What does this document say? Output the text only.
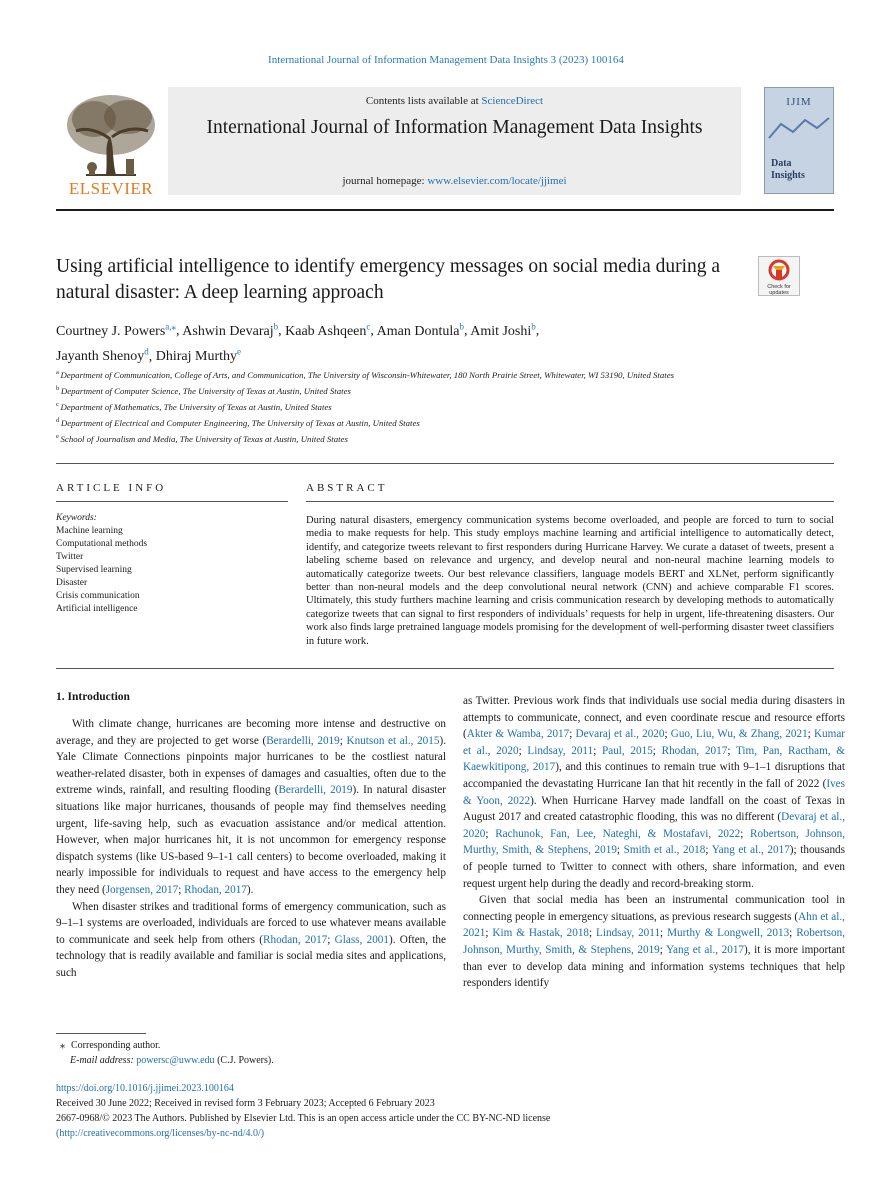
International Journal of Information Management Data Insights 3 (2023) 100164
ELSEVIER
Contents lists available at ScienceDirect
International Journal of Information Management Data Insights
journal homepage: www.elsevier.com/locate/jjimei
IJIM
Data
Insights
Using artificial intelligence to identify emergency messages on social media during a natural disaster: A deep learning approach	Check for updates
Courtney J. Powers$^{a,⁎}$, Ashwin Devaraj$^b$, Kaab Ashqeen$^c$, Aman Dontula$^b$, Amit Joshi$^b$,
Jayanth Shenoy$^d$, Dhiraj Murthy$^e$
$^a$ Department of Communication, College of Arts, and Communication, The University of Wisconsin-Whitewater, 180 North Prairie Street, Whitewater, WI 53190, United States
$^b$ Department of Computer Science, The University of Texas at Austin, United States
$^c$ Department of Mathematics, The University of Texas at Austin, United States
$^d$ Department of Electrical and Computer Engineering, The University of Texas at Austin, United States
$^e$ School of Journalism and Media, The University of Texas at Austin, United States
ARTICLE INFO	ABSTRACT
Keywords:
Machine learning
Computational methods
Twitter
Supervised learning
Disaster
Crisis communication
Artificial intelligence
During natural disasters, emergency communication systems become overloaded, and people are forced to turn to social media to make requests for help. This study employs machine learning and artificial intelligence to automatically detect, identify, and categorize tweets relevant to first responders during Hurricane Harvey. We curate a dataset of tweets, present a labeling scheme based on relevance and urgency, and develop neural and non-neural machine learning models to automatically categorize tweets. Our best relevance classifiers, language models BERT and XLNet, perform significantly better than non-neural models and the deep convolutional neural network (CNN) and achieve comparable F1 scores. Ultimately, this study furthers machine learning and crisis communication research by developing methods to automatically categorize tweets that can signal to first responders of individuals’ requests for help in urgent, life-threatening disasters. Our work also finds large pretrained language models promising for the development of well-performing disaster tweet classifiers in future work.
1. Introduction

With climate change, hurricanes are becoming more intense and destructive on average, and they are projected to get worse (Berardelli, 2019; Knutson et al., 2015). Yale Climate Connections pinpoints major hurricanes to be the costliest natural weather-related disaster, both in expenses of damages and casualties, often due to the extreme winds, rainfall, and resulting flooding (Berardelli, 2019). In natural disaster situations like major hurricanes, thousands of people may find themselves needing urgent, life-saving help, such as evacuation assistance and/or medical attention. However, when major hurricanes hit, it is not uncommon for emergency response dispatch systems (like US-based 9–1-1 call centers) to become overloaded, making it nearly impossible for individuals to request and have access to the emergency help they need (Jorgensen, 2017; Rhodan, 2017).

When disaster strikes and traditional forms of emergency communication, such as 9–1–1 systems are overloaded, individuals are forced to use whatever means available to communicate and seek help from others (Rhodan, 2017; Glass, 2001). Often, the technology that is readily available and familiar is social media sites and applications, such

as Twitter. Previous work finds that individuals use social media during disasters in attempts to communicate, connect, and even coordinate rescue and resource efforts (Akter & Wamba, 2017; Devaraj et al., 2020; Guo, Liu, Wu, & Zhang, 2021; Kumar et al., 2020; Lindsay, 2011; Paul, 2015; Rhodan, 2017; Tim, Pan, Ractham, & Kaewkitipong, 2017), and this continues to remain true with 9–1–1 disruptions that accompanied the devastating Hurricane Ian that hit recently in the fall of 2022 (Ives & Yoon, 2022). When Hurricane Harvey made landfall on the coast of Texas in August 2017 and created catastrophic flooding, this was no different (Devaraj et al., 2020; Rachunok, Fan, Lee, Nateghi, & Mostafavi, 2022; Robertson, Johnson, Murthy, Smith, & Stephens, 2019; Smith et al., 2018; Yang et al., 2017); thousands of people turned to Twitter to connect with others, share information, and even request urgent help during the deadly and record-breaking storm.

Given that social media has been an instrumental communication tool in connecting people in emergency situations, as previous research suggests (Ahn et al., 2021; Kim & Hastak, 2018; Lindsay, 2011; Murthy & Longwell, 2013; Robertson, Johnson, Murthy, Smith, & Stephens, 2019; Yang et al., 2017), it is more important than ever to develop data mining and information systems techniques that help responders identify

⁎ Corresponding author.
E-mail address: powersc@uww.edu (C.J. Powers).
https://doi.org/10.1016/j.jjimei.2023.100164
Received 30 June 2022; Received in revised form 3 February 2023; Accepted 6 February 2023
2667-0968/© 2023 The Authors. Published by Elsevier Ltd. This is an open access article under the CC BY-NC-ND license
(http://creativecommons.org/licenses/by-nc-nd/4.0/)
